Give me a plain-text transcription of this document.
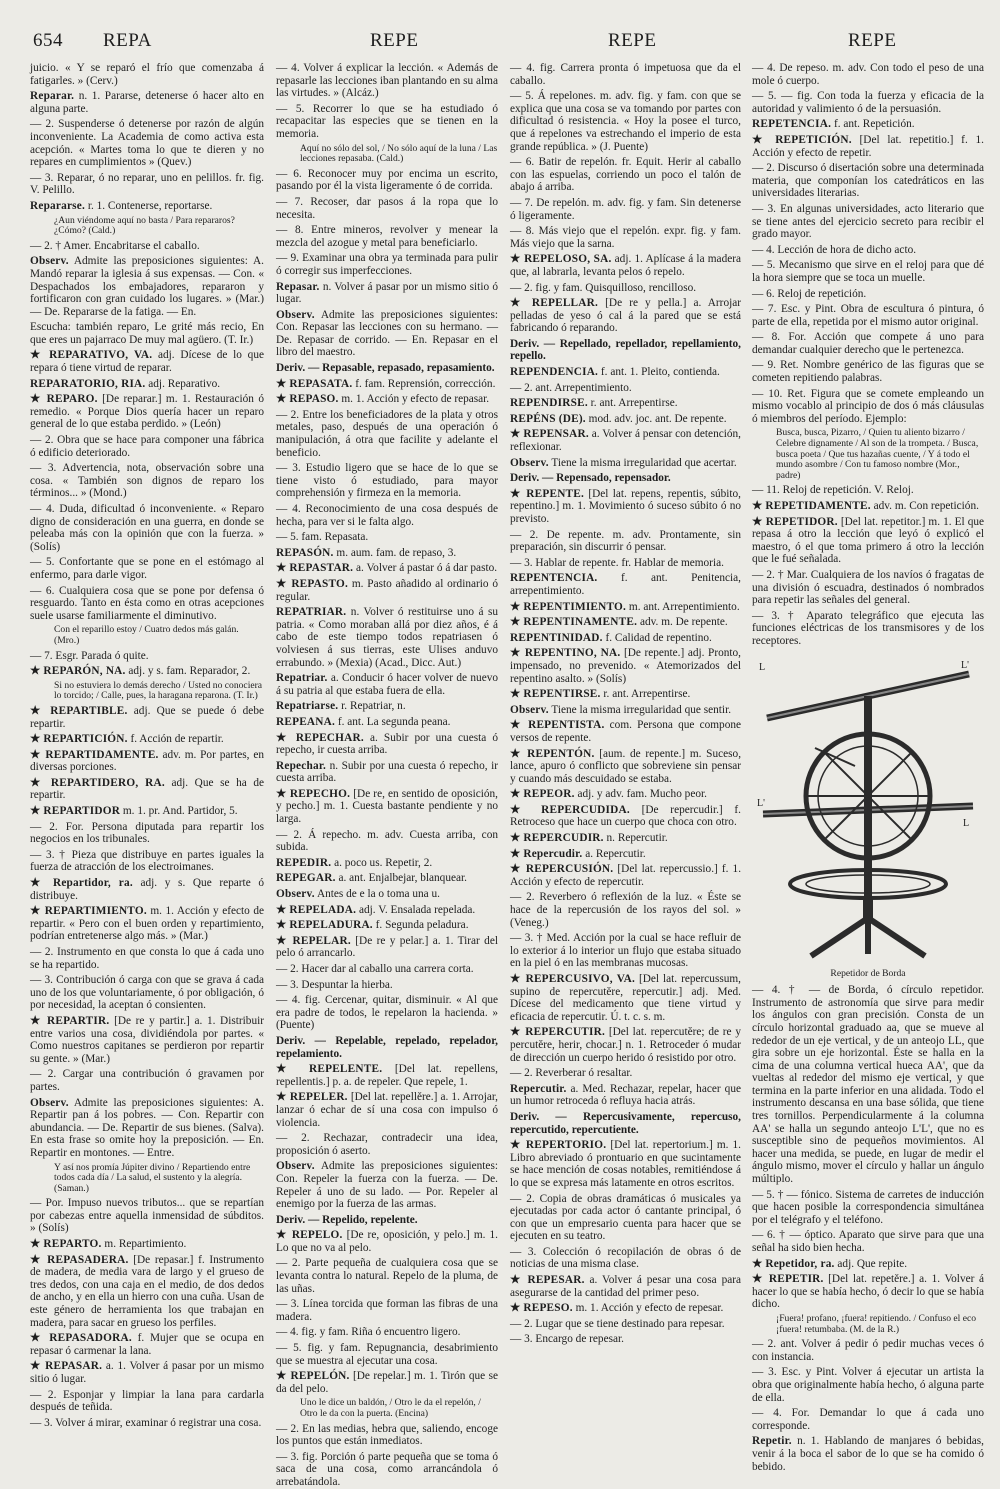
654 REPA	REPE	REPE	REPE

juicio. « Y se reparó el frío que comenzaba á fatigarles. » (Cerv.)

Reparar. n. 1. Pararse, detenerse ó hacer alto en alguna parte.

— 2. Suspenderse ó detenerse por razón de algún inconveniente. La Academia de como activa esta acepción. « Martes toma lo que te dieren y no repares en cumplimientos » (Quev.)

— 3. Reparar, ó no reparar, uno en pelillos. fr. fig. V. Pelillo.

Repararse. r. 1. Contenerse, reportarse.

¿Aun viéndome aquí no basta / Para repararos? ¿Cómo? (Cald.)

— 2. † Amer. Encabritarse el caballo.

Observ. Admite las preposiciones siguientes: A. Mandó reparar la iglesia á sus expensas. — Con. « Despachados los embajadores, repararon y fortificaron con gran cuidado los lugares. » (Mar.) — De. Repararse de la fatiga. — En.

Escucha: también reparo, Le grité más recio, En que eres un pajarraco De muy mal agüero. (T. Ir.)

★ REPARATIVO, VA. adj. Dícese de lo que repara ó tiene virtud de reparar.

REPARATORIO, RIA. adj. Reparativo.

★ REPARO. [De reparar.] m. 1. Restauración ó remedio. « Porque Dios quería hacer un reparo general de lo que estaba perdido. » (León)

— 2. Obra que se hace para componer una fábrica ó edificio deteriorado.

— 3. Advertencia, nota, observación sobre una cosa. « También son dignos de reparo los términos... » (Mond.)

— 4. Duda, dificultad ó inconveniente. « Reparo digno de consideración en una guerra, en donde se peleaba más con la opinión que con la fuerza. » (Solís)

— 5. Confortante que se pone en el estómago al enfermo, para darle vigor.

— 6. Cualquiera cosa que se pone por defensa ó resguardo. Tanto en ésta como en otras acepciones suele usarse familiarmente el diminutivo.

Con el reparillo estoy / Cuatro dedos más galán. (Mro.)

— 7. Esgr. Parada ó quite.

★ REPARÓN, NA. adj. y s. fam. Reparador, 2.

Si no estuviera lo demás derecho / Usted no conociera lo torcido; / Calle, pues, la haragana reparona. (T. Ir.)

★ REPARTIBLE. adj. Que se puede ó debe repartir.

★ REPARTICIÓN. f. Acción de repartir.

★ REPARTIDAMENTE. adv. m. Por partes, en diversas porciones.

★ REPARTIDERO, RA. adj. Que se ha de repartir.

★ REPARTIDOR m. 1. pr. And. Partidor, 5.

— 2. For. Persona diputada para repartir los negocios en los tribunales.

— 3. † Pieza que distribuye en partes iguales la fuerza de atracción de los electroimanes.

★ Repartidor, ra. adj. y s. Que reparte ó distribuye.

★ REPARTIMIENTO. m. 1. Acción y efecto de repartir. « Pero con el buen orden y repartimiento, podrían entretenerse algo más. » (Mar.)

— 2. Instrumento en que consta lo que á cada uno se ha repartido.

— 3. Contribución ó carga con que se grava á cada uno de los que voluntariamente, ó por obligación, ó por necesidad, la aceptan ó consienten.

★ REPARTIR. [De re y partir.] a. 1. Distribuir entre varios una cosa, dividiéndola por partes. « Como nuestros capitanes se perdieron por repartir su gente. » (Mar.)

— 2. Cargar una contribución ó gravamen por partes.

Observ. Admite las preposiciones siguientes: A. Repartir pan á los pobres. — Con. Repartir con abundancia. — De. Repartir de sus bienes. (Salva). En esta frase so omite hoy la preposición. — En. Repartir en montones. — Entre.

Y así nos promía Júpiter divino / Repartiendo entre todos cada día / La salud, el sustento y la alegría. (Saman.)

— Por. Impuso nuevos tributos... que se repartían por cabezas entre aquella inmensidad de súbditos. » (Solís)

★ REPARTO. m. Repartimiento.

★ REPASADERA. [De repasar.] f. Instrumento de madera, de media vara de largo y el grueso de tres dedos, con una caja en el medio, de dos dedos de ancho, y en ella un hierro con una cuña. Usan de este género de herramienta los que trabajan en madera, para sacar en grueso los perfiles.

★ REPASADORA. f. Mujer que se ocupa en repasar ó carmenar la lana.

★ REPASAR. a. 1. Volver á pasar por un mismo sitio ó lugar.

— 2. Esponjar y limpiar la lana para cardarla después de teñida.

— 3. Volver á mirar, examinar ó registrar una cosa.

— 4. Volver á explicar la lección. « Además de repasarle las lecciones iban plantando en su alma las virtudes. » (Alcáz.)

— 5. Recorrer lo que se ha estudiado ó recapacitar las especies que se tienen en la memoria.

Aquí no sólo del sol, / No sólo aquí de la luna / Las lecciones repasaba. (Cald.)

— 6. Reconocer muy por encima un escrito, pasando por él la vista ligeramente ó de corrida.

— 7. Recoser, dar pasos á la ropa que lo necesita.

— 8. Entre mineros, revolver y menear la mezcla del azogue y metal para beneficiarlo.

— 9. Examinar una obra ya terminada para pulir ó corregir sus imperfecciones.

Repasar. n. Volver á pasar por un mismo sitio ó lugar.

Observ. Admite las preposiciones siguientes: Con. Repasar las lecciones con su hermano. — De. Repasar de corrido. — En. Repasar en el libro del maestro.

Deriv. — Repasable, repasado, repasamiento.

★ REPASATA. f. fam. Reprensión, corrección.

★ REPASO. m. 1. Acción y efecto de repasar.

— 2. Entre los beneficiadores de la plata y otros metales, paso, después de una operación ó manipulación, á otra que facilite y adelante el beneficio.

— 3. Estudio ligero que se hace de lo que se tiene visto ó estudiado, para mayor comprehensión y firmeza en la memoria.

— 4. Reconocimiento de una cosa después de hecha, para ver si le falta algo.

— 5. fam. Repasata.

REPASÓN. m. aum. fam. de repaso, 3.

★ REPASTAR. a. Volver á pastar ó á dar pasto.

★ REPASTO. m. Pasto añadido al ordinario ó regular.

REPATRIAR. n. Volver ó restituirse uno á su patria. « Como moraban allá por diez años, é á cabo de este tiempo todos repatriasen ó volviesen á sus tierras, este Ulises anduvo errabundo. » (Mexia) (Acad., Dicc. Aut.)

Repatriar. a. Conducir ó hacer volver de nuevo á su patria al que estaba fuera de ella.

Repatriarse. r. Repatriar, n.

REPEANA. f. ant. La segunda peana.

★ REPECHAR. a. Subir por una cuesta ó repecho, ir cuesta arriba.

Repechar. n. Subir por una cuesta ó repecho, ir cuesta arriba.

★ REPECHO. [De re, en sentido de oposición, y pecho.] m. 1. Cuesta bastante pendiente y no larga.

— 2. Á repecho. m. adv. Cuesta arriba, con subida.

REPEDIR. a. poco us. Repetir, 2.

REPEGAR. a. ant. Enjalbejar, blanquear.

Observ. Antes de e la o toma una u.

★ REPELADA. adj. V. Ensalada repelada.

★ REPELADURA. f. Segunda peladura.

★ REPELAR. [De re y pelar.] a. 1. Tirar del pelo ó arrancarlo.

— 2. Hacer dar al caballo una carrera corta.

— 3. Despuntar la hierba.

— 4. fig. Cercenar, quitar, disminuir. « Al que era padre de todos, le repelaron la hacienda. » (Puente)

Deriv. — Repelable, repelado, repelador, repelamiento.

★ REPELENTE. [Del lat. repellens, repellentis.] p. a. de repeler. Que repele, 1.

★ REPELER. [Del lat. repellěre.] a. 1. Arrojar, lanzar ó echar de sí una cosa con impulso ó violencia.

— 2. Rechazar, contradecir una idea, proposición ó aserto.

Observ. Admite las preposiciones siguientes: Con. Repeler la fuerza con la fuerza. — De. Repeler á uno de su lado. — Por. Repeler al enemigo por la fuerza de las armas.

Deriv. — Repelido, repelente.

★ REPELO. [De re, oposición, y pelo.] m. 1. Lo que no va al pelo.

— 2. Parte pequeña de cualquiera cosa que se levanta contra lo natural. Repelo de la pluma, de las uñas.

— 3. Línea torcida que forman las fibras de una madera.

— 4. fig. y fam. Riña ó encuentro ligero.

— 5. fig. y fam. Repugnancia, desabrimiento que se muestra al ejecutar una cosa.

★ REPELÓN. [De repelar.] m. 1. Tirón que se da del pelo.

Uno le dice un baldón, / Otro le da el repelón, / Otro le da con la puerta. (Encina)

— 2. En las medias, hebra que, saliendo, encoge los puntos que están inmediatos.

— 3. fig. Porción ó parte pequeña que se toma ó saca de una cosa, como arrancándola ó arrebatándola.

— 4. fig. Carrera pronta ó impetuosa que da el caballo.

— 5. Á repelones. m. adv. fig. y fam. con que se explica que una cosa se va tomando por partes con dificultad ó resistencia. « Hoy la posee el turco, que á repelones va estrechando el imperio de esta grande república. » (J. Puente)

— 6. Batir de repelón. fr. Equit. Herir al caballo con las espuelas, corriendo un poco el talón de abajo á arriba.

— 7. De repelón. m. adv. fig. y fam. Sin detenerse ó ligeramente.

— 8. Más viejo que el repelón. expr. fig. y fam. Más viejo que la sarna.

★ REPELOSO, SA. adj. 1. Aplícase á la madera que, al labrarla, levanta pelos ó repelo.

— 2. fig. y fam. Quisquilloso, rencilloso.

★ REPELLAR. [De re y pella.] a. Arrojar pelladas de yeso ó cal á la pared que se está fabricando ó reparando.

Deriv. — Repellado, repellador, repellamiento, repello.

REPENDENCIA. f. ant. 1. Pleito, contienda.

— 2. ant. Arrepentimiento.

REPENDIRSE. r. ant. Arrepentirse.

REPÉNS (DE). mod. adv. joc. ant. De repente.

★ REPENSAR. a. Volver á pensar con detención, reflexionar.

Observ. Tiene la misma irregularidad que acertar.

Deriv. — Repensado, repensador.

★ REPENTE. [Del lat. repens, repentis, súbito, repentino.] m. 1. Movimiento ó suceso súbito ó no previsto.

— 2. De repente. m. adv. Prontamente, sin preparación, sin discurrir ó pensar.

— 3. Hablar de repente. fr. Hablar de memoria.

REPENTENCIA. f. ant. Penitencia, arrepentimiento.

★ REPENTIMIENTO. m. ant. Arrepentimiento.

★ REPENTINAMENTE. adv. m. De repente.

REPENTINIDAD. f. Calidad de repentino.

★ REPENTINO, NA. [De repente.] adj. Pronto, impensado, no prevenido. « Atemorizados del repentino asalto. » (Solís)

★ REPENTIRSE. r. ant. Arrepentirse.

Observ. Tiene la misma irregularidad que sentir.

★ REPENTISTA. com. Persona que compone versos de repente.

★ REPENTÓN. [aum. de repente.] m. Suceso, lance, apuro ó conflicto que sobreviene sin pensar y cuando más descuidado se estaba.

★ REPEOR. adj. y adv. fam. Mucho peor.

★ REPERCUDIDA. [De repercudir.] f. Retroceso que hace un cuerpo que choca con otro.

★ REPERCUDIR. n. Repercutir.

★ Repercudir. a. Repercutir.

★ REPERCUSIÓN. [Del lat. repercussio.] f. 1. Acción y efecto de repercutir.

— 2. Reverbero ó reflexión de la luz. « Éste se hace de la repercusión de los rayos del sol. » (Veneg.)

— 3. † Med. Acción por la cual se hace refluir de lo exterior á lo interior un flujo que estaba situado en la piel ó en las membranas mucosas.

★ REPERCUSIVO, VA. [Del lat. repercussum, supino de repercutĕre, repercutir.] adj. Med. Dícese del medicamento que tiene virtud y eficacia de repercutir. Ú. t. c. s. m.

★ REPERCUTIR. [Del lat. repercutĕre; de re y percutĕre, herir, chocar.] n. 1. Retroceder ó mudar de dirección un cuerpo herido ó resistido por otro.

— 2. Reverberar ó resaltar.

Repercutir. a. Med. Rechazar, repelar, hacer que un humor retroceda ó refluya hacia atrás.

Deriv. — Repercusivamente, repercuso, repercutido, repercutiente.

★ REPERTORIO. [Del lat. repertorium.] m. 1. Libro abreviado ó prontuario en que sucintamente se hace mención de cosas notables, remitiéndose á lo que se expresa más latamente en otros escritos.

— 2. Copia de obras dramáticas ó musicales ya ejecutadas por cada actor ó cantante principal, ó con que un empresario cuenta para hacer que se ejecuten en su teatro.

— 3. Colección ó recopilación de obras ó de noticias de una misma clase.

★ REPESAR. a. Volver á pesar una cosa para asegurarse de la cantidad del primer peso.

★ REPESO. m. 1. Acción y efecto de repesar.

— 2. Lugar que se tiene destinado para repesar.

— 3. Encargo de repesar.

— 4. De repeso. m. adv. Con todo el peso de una mole ó cuerpo.

— 5. — fig. Con toda la fuerza y eficacia de la autoridad y valimiento ó de la persuasión.

REPETENCIA. f. ant. Repetición.

★ REPETICIÓN. [Del lat. repetitio.] f. 1. Acción y efecto de repetir.

— 2. Discurso ó disertación sobre una determinada materia, que componían los catedráticos en las universidades literarias.

— 3. En algunas universidades, acto literario que se tiene antes del ejercicio secreto para recibir el grado mayor.

— 4. Lección de hora de dicho acto.

— 5. Mecanismo que sirve en el reloj para que dé la hora siempre que se toca un muelle.

— 6. Reloj de repetición.

— 7. Esc. y Pint. Obra de escultura ó pintura, ó parte de ella, repetida por el mismo autor original.

— 8. For. Acción que compete á uno para demandar cualquier derecho que le pertenezca.

— 9. Ret. Nombre genérico de las figuras que se cometen repitiendo palabras.

— 10. Ret. Figura que se comete empleando un mismo vocablo al principio de dos ó más cláusulas ó miembros del período. Ejemplo:

Busca, busca, Pizarro, / Quien tu aliento bizarro / Celebre dignamente / Al son de la trompeta. / Busca, busca poeta / Que tus hazañas cuente, / Y á todo el mundo asombre / Con tu famoso nombre (Mor., padre)

— 11. Reloj de repetición. V. Reloj.

★ REPETIDAMENTE. adv. m. Con repetición.

★ REPETIDOR. [Del lat. repetitor.] m. 1. El que repasa á otro la lección que leyó ó explicó el maestro, ó el que toma primero á otro la lección que le fué señalada.

— 2. † Mar. Cualquiera de los navíos ó fragatas de una división ó escuadra, destinados ó nombrados para repetir las señales del general.

— 3. † Aparato telegráfico que ejecuta las funciones eléctricas de los transmisores y de los receptores.

L	L'
L'
L
Repetidor de Borda

— 4. † — de Borda, ó círculo repetidor. Instrumento de astronomía que sirve para medir los ángulos con gran precisión. Consta de un círculo horizontal graduado aa, que se mueve al rededor de un eje vertical, y de un anteojo LL, que gira sobre un eje horizontal. Éste se halla en la cima de una columna vertical hueca AA', que da vueltas al rededor del mismo eje vertical, y que termina en la parte inferior en una alidada. Todo el instrumento descansa en una base sólida, que tiene tres tornillos. Perpendicularmente á la columna AA' se halla un segundo anteojo L'L', que no es susceptible sino de pequeños movimientos. Al hacer una medida, se puede, en lugar de medir el ángulo mismo, mover el círculo y hallar un ángulo múltiplo.

— 5. † — fónico. Sistema de carretes de inducción que hacen posible la correspondencia simultánea por el telégrafo y el teléfono.

— 6. † — óptico. Aparato que sirve para que una señal ha sido bien hecha.

★ Repetidor, ra. adj. Que repite.

★ REPETIR. [Del lat. repetěre.] a. 1. Volver á hacer lo que se había hecho, ó decir lo que se había dicho.

¡Fuera! profano, ¡fuera! repitiendo. / Confuso el eco ¡fuera! retumbaba. (M. de la R.)

— 2. ant. Volver á pedir ó pedir muchas veces ó con instancia.

— 3. Esc. y Pint. Volver á ejecutar un artista la obra que originalmente había hecho, ó alguna parte de ella.

— 4. For. Demandar lo que á cada uno corresponde.

Repetir. n. 1. Hablando de manjares ó bebidas, venir á la boca el sabor de lo que se ha comido ó bebido.
